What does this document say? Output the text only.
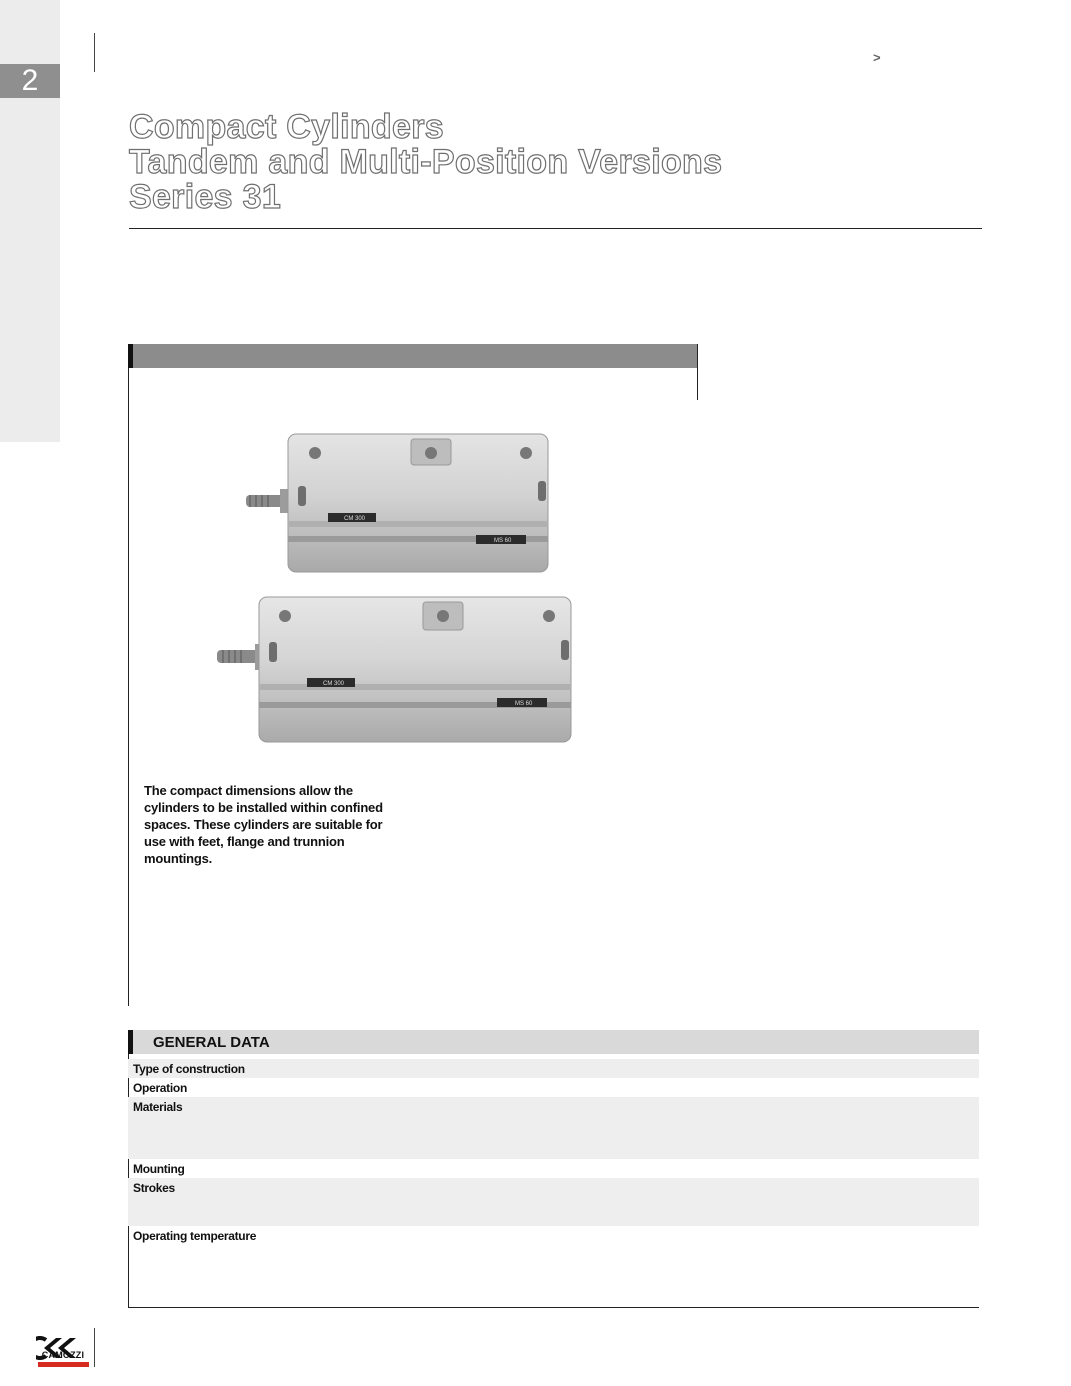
2
>
Compact Cylinders
Tandem and Multi-Position Versions
Series 31
CM 300
MS 60
CM 300
MS 60

The compact dimensions allow the cylinders to be installed within confined spaces. These cylinders are suitable for use with feet, flange and trunnion mountings.

GENERAL DATA
Type of construction
Operation
Materials
Mounting
Strokes
Operating temperature
CAMOZZI
